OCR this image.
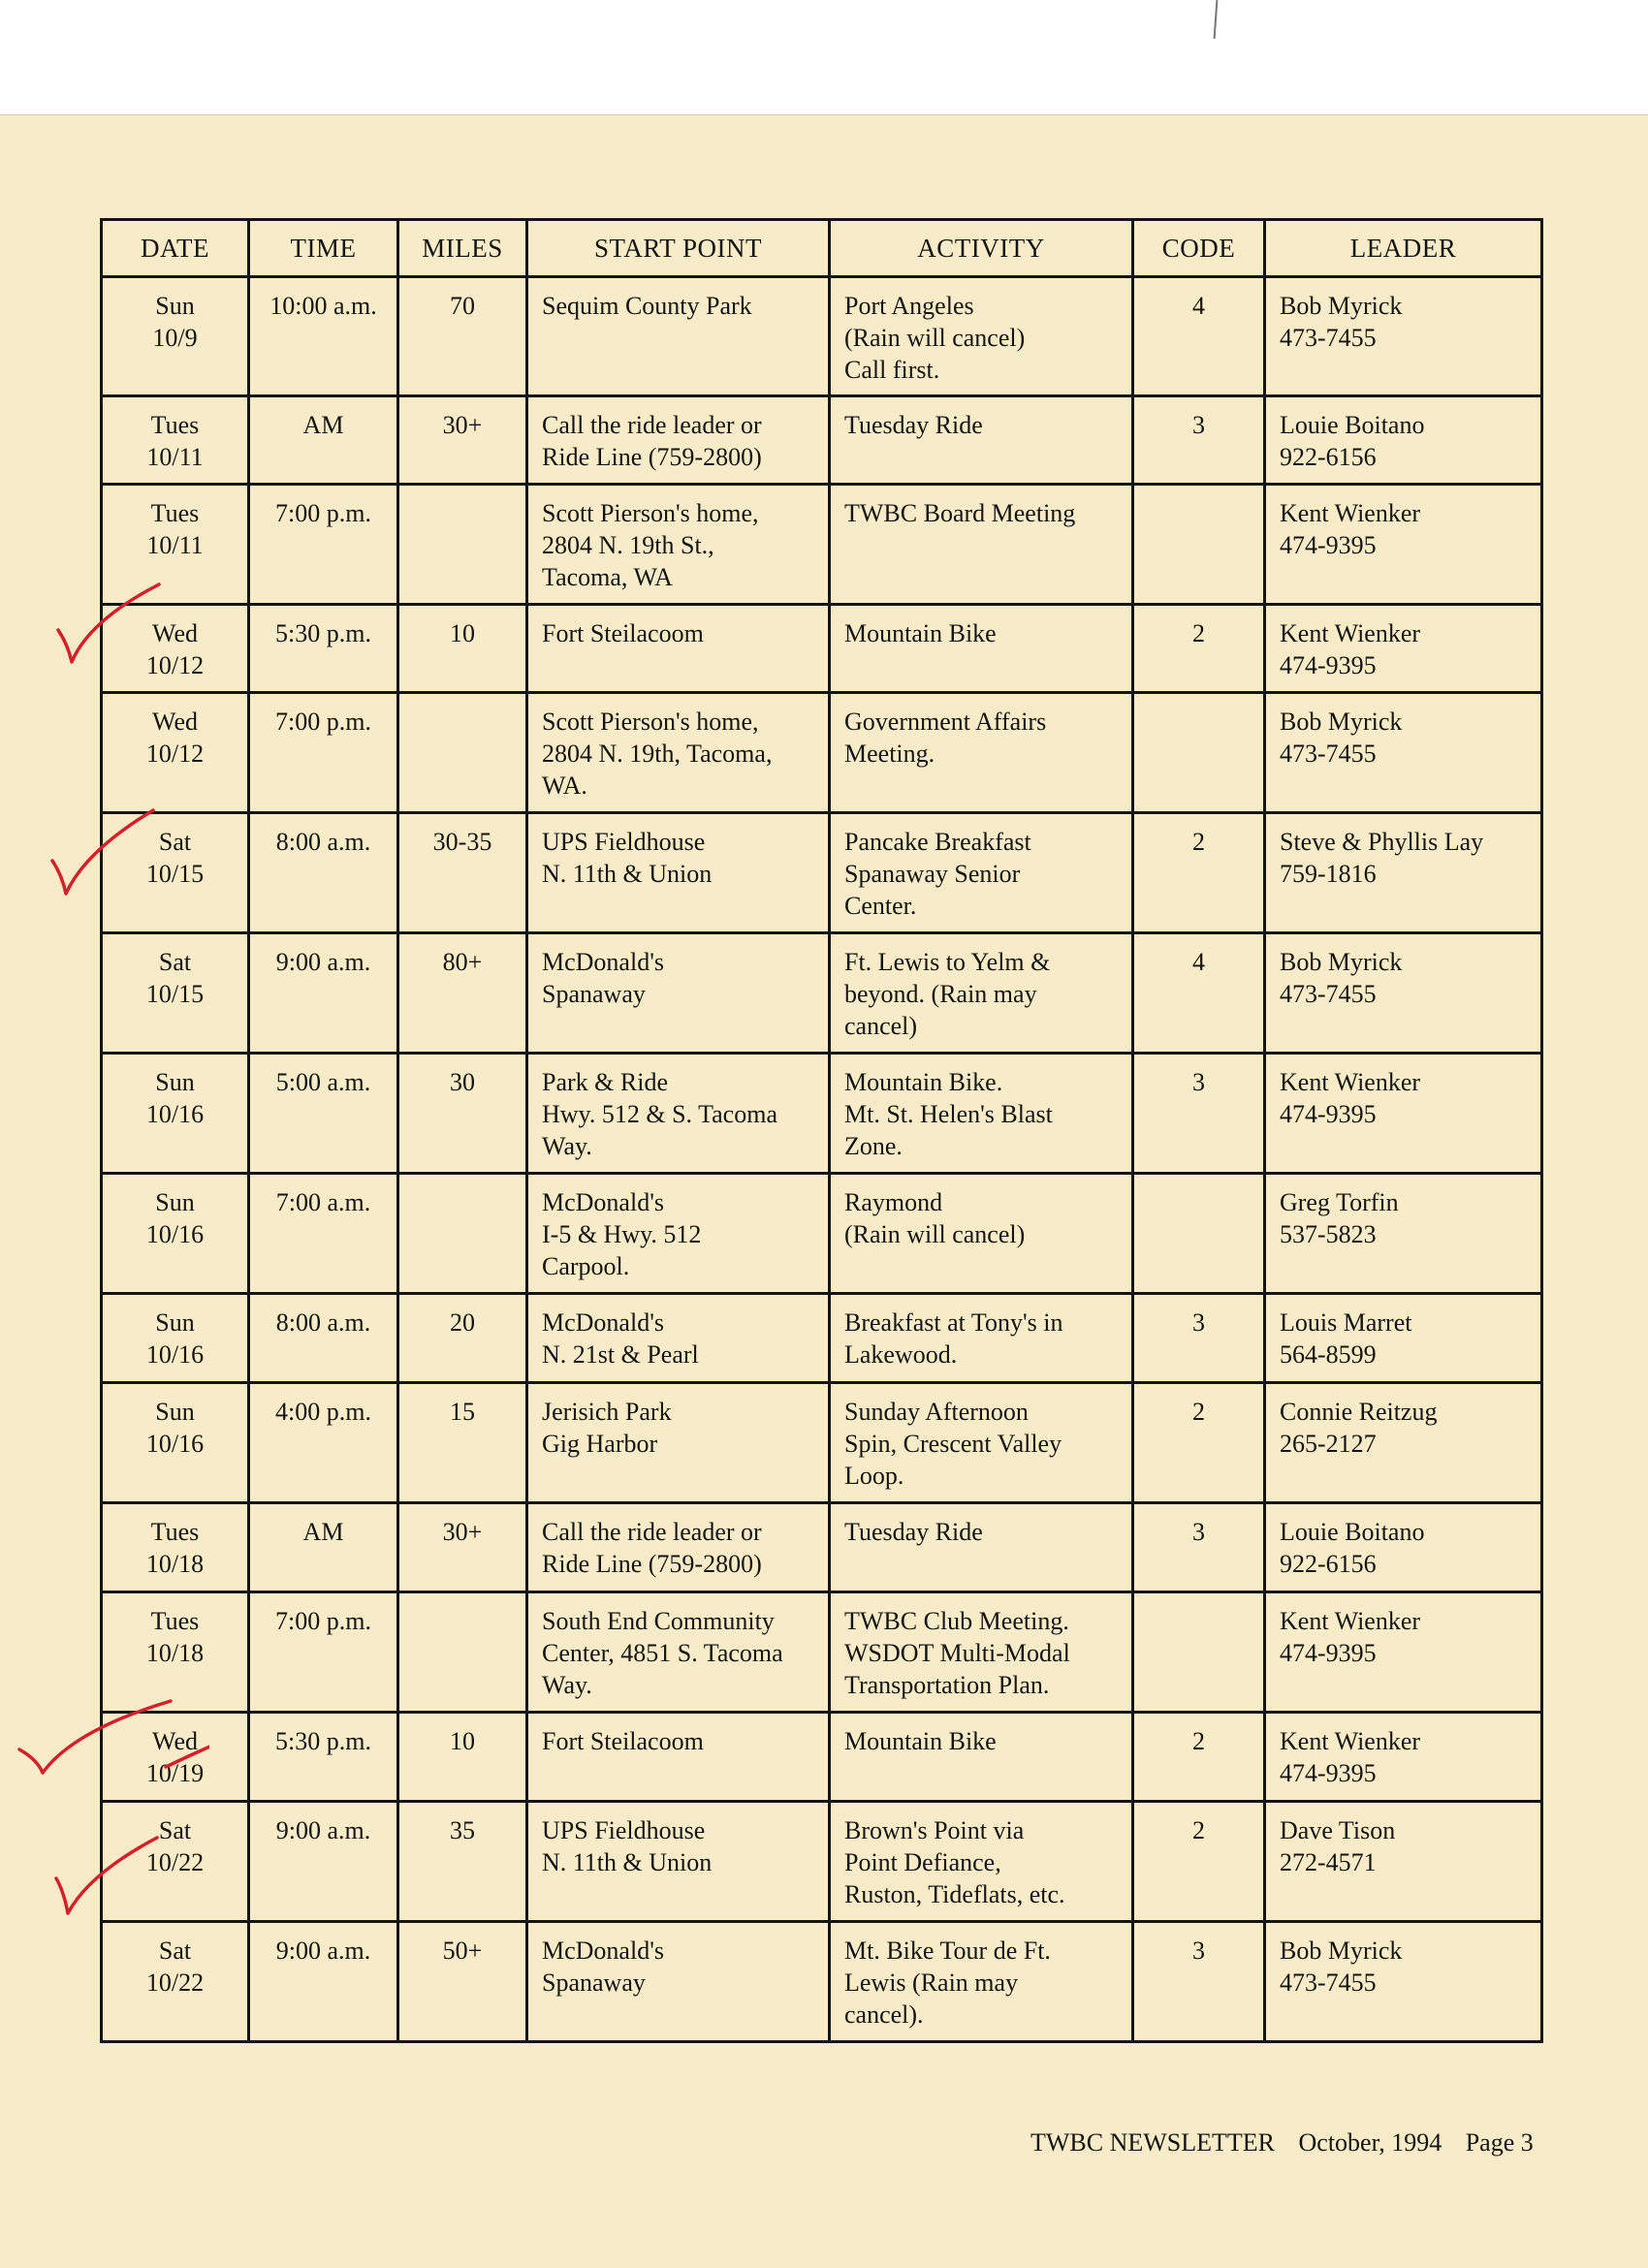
DATE	TIME	MILES	START POINT	ACTIVITY	CODE	LEADER

Sun
10/9	10:00 a.m.	70	Sequim County Park	Port Angeles
(Rain will cancel)
Call first.	4	Bob Myrick
473-7455

Tues
10/11	AM	30+	Call the ride leader or
Ride Line (759-2800)	Tuesday Ride	3	Louie Boitano
922-6156

Tues
10/11	7:00 p.m.		Scott Pierson's home,
2804 N. 19th St.,
Tacoma, WA	TWBC Board Meeting		Kent Wienker
474-9395

Wed
10/12	5:30 p.m.	10	Fort Steilacoom	Mountain Bike	2	Kent Wienker
474-9395

Wed
10/12	7:00 p.m.		Scott Pierson's home,
2804 N. 19th, Tacoma,
WA.	Government Affairs
Meeting.		Bob Myrick
473-7455

Sat
10/15	8:00 a.m.	30-35	UPS Fieldhouse
N. 11th & Union	Pancake Breakfast
Spanaway Senior
Center.	2	Steve & Phyllis Lay
759-1816

Sat
10/15	9:00 a.m.	80+	McDonald's
Spanaway	Ft. Lewis to Yelm &
beyond. (Rain may
cancel)	4	Bob Myrick
473-7455

Sun
10/16	5:00 a.m.	30	Park & Ride
Hwy. 512 & S. Tacoma
Way.	Mountain Bike.
Mt. St. Helen's Blast
Zone.	3	Kent Wienker
474-9395

Sun
10/16	7:00 a.m.		McDonald's
I-5 & Hwy. 512
Carpool.	Raymond
(Rain will cancel)		Greg Torfin
537-5823

Sun
10/16	8:00 a.m.	20	McDonald's
N. 21st & Pearl	Breakfast at Tony's in
Lakewood.	3	Louis Marret
564-8599

Sun
10/16	4:00 p.m.	15	Jerisich Park
Gig Harbor	Sunday Afternoon
Spin, Crescent Valley
Loop.	2	Connie Reitzug
265-2127

Tues
10/18	AM	30+	Call the ride leader or
Ride Line (759-2800)	Tuesday Ride	3	Louie Boitano
922-6156

Tues
10/18	7:00 p.m.		South End Community
Center, 4851 S. Tacoma
Way.	TWBC Club Meeting.
WSDOT Multi-Modal
Transportation Plan.		Kent Wienker
474-9395

Wed
10/19	5:30 p.m.	10	Fort Steilacoom	Mountain Bike	2	Kent Wienker
474-9395

Sat
10/22	9:00 a.m.	35	UPS Fieldhouse
N. 11th & Union	Brown's Point via
Point Defiance,
Ruston, Tideflats, etc.	2	Dave Tison
272-4571

Sat
10/22	9:00 a.m.	50+	McDonald's
Spanaway	Mt. Bike Tour de Ft.
Lewis (Rain may
cancel).	3	Bob Myrick
473-7455
TWBC NEWSLETTER October, 1994 Page 3
